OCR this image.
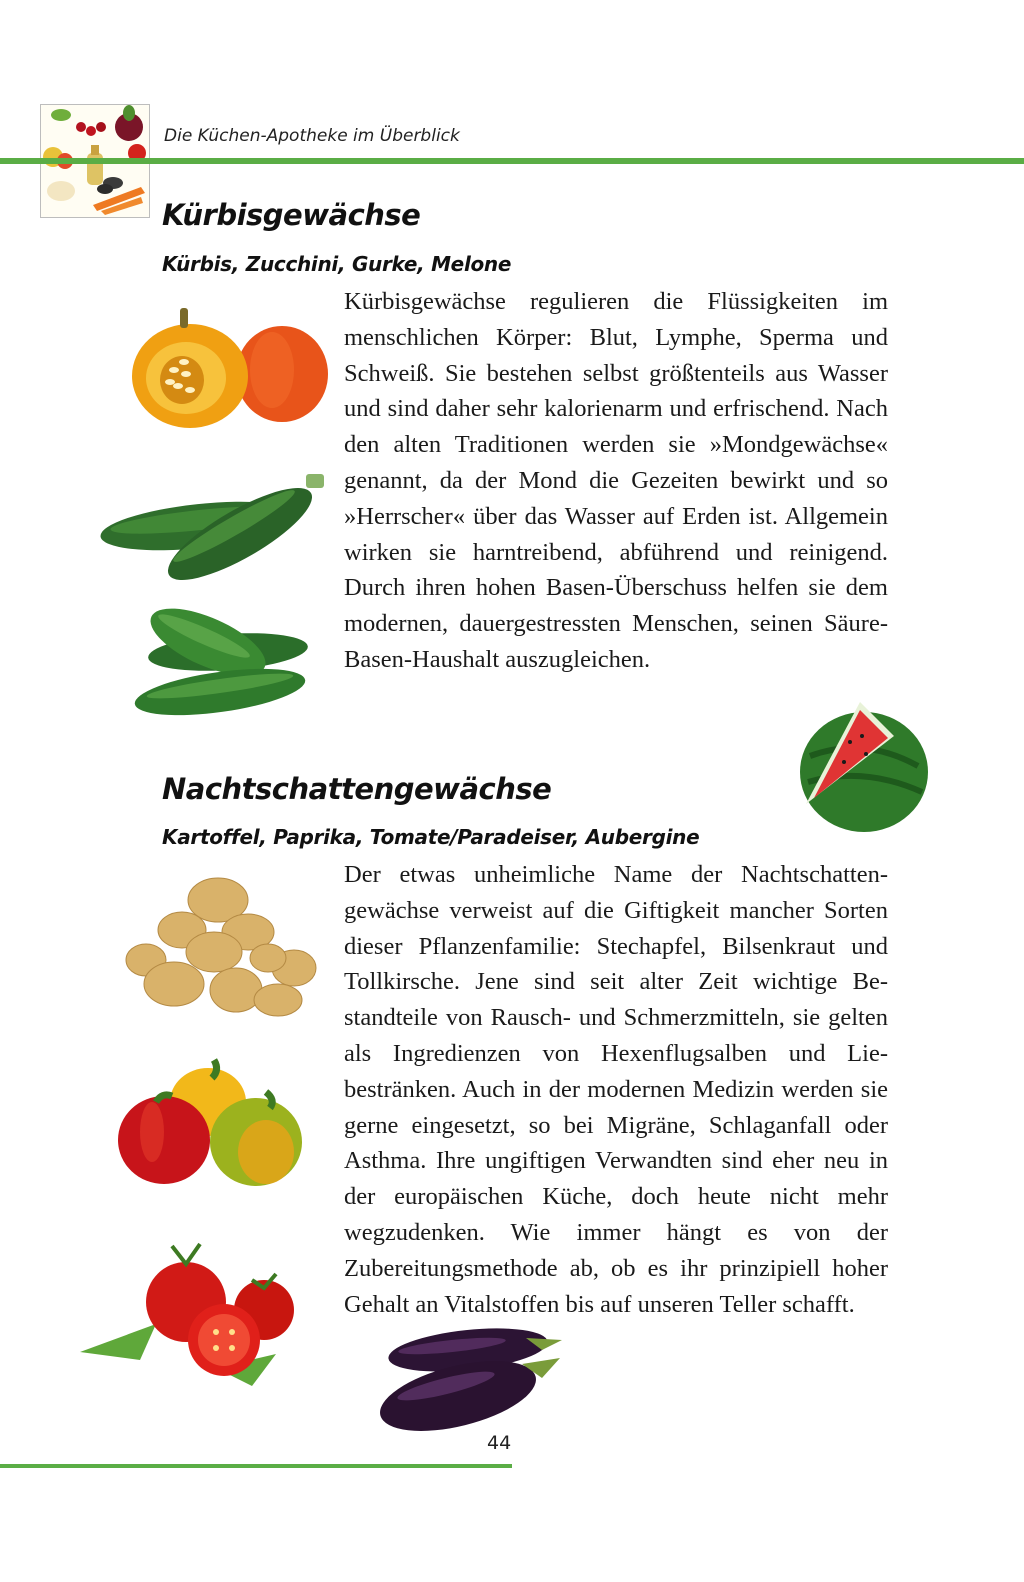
Die Küchen-Apotheke im Überblick
Kürbisgewächse
Kürbis, Zucchini, Gurke, Melone
Kürbisgewächse regulieren die Flüssigkeiten im menschlichen Körper: Blut, Lymphe, Sperma und Schweiß. Sie bestehen selbst größtenteils aus Wasser und sind daher sehr kalorienarm und erfrischend. Nach den alten Traditionen werden sie »Mondgewächse« genannt, da der Mond die Gezeiten bewirkt und so »Herrscher« über das Wasser auf Erden ist. Allgemein wirken sie harntreibend, abführend und reinigend. Durch ihren hohen Basen-Überschuss helfen sie dem modernen, dauergestressten Menschen, seinen Säure-Basen-Haushalt auszugleichen.
Nachtschattengewächse
Kartoffel, Paprika, Tomate/Paradeiser, Aubergine
Der etwas unheimliche Name der Nachtschattengewächse verweist auf die Giftigkeit mancher Sorten dieser Pflanzenfamilie: Stechapfel, Bilsenkraut und Tollkirsche. Jene sind seit alter Zeit wichtige Bestandteile von Rausch- und Schmerzmitteln, sie gelten als Ingredienzen von Hexenflugsalben und Liebestränken. Auch in der modernen Medizin werden sie gerne eingesetzt, so bei Migräne, Schlaganfall oder Asthma. Ihre ungiftigen Verwandten sind eher neu in der europäischen Küche, doch heute nicht mehr wegzudenken. Wie immer hängt es von der Zubereitungsmethode ab, ob es ihr prinzipiell hoher Gehalt an Vitalstoffen bis auf unseren Teller schafft.
44
